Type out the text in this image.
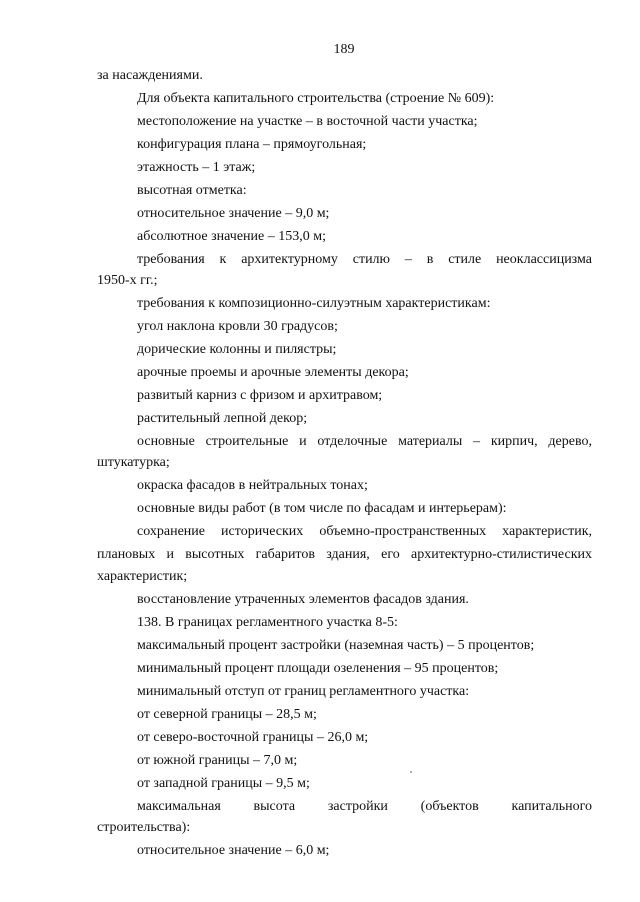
189
за насаждениями.
Для объекта капитального строительства (строение № 609):
местоположение на участке – в восточной части участка;
конфигурация плана – прямоугольная;
этажность – 1 этаж;
высотная отметка:
относительное значение – 9,0 м;
абсолютное значение – 153,0 м;
требования к архитектурному стилю – в стиле неоклассицизма
1950-х гг.;
требования к композиционно-силуэтным характеристикам:
угол наклона кровли 30 градусов;
дорические колонны и пилястры;
арочные проемы и арочные элементы декора;
развитый карниз с фризом и архитравом;
растительный лепной декор;
основные строительные и отделочные материалы – кирпич, дерево,
штукатурка;
окраска фасадов в нейтральных тонах;
основные виды работ (в том числе по фасадам и интерьерам):
сохранение исторических объемно-пространственных характеристик,
плановых и высотных габаритов здания, его архитектурно-стилистических
характеристик;
восстановление утраченных элементов фасадов здания.
138. В границах регламентного участка 8-5:
максимальный процент застройки (наземная часть) – 5 процентов;
минимальный процент площади озеленения – 95 процентов;
минимальный отступ от границ регламентного участка:
от северной границы – 28,5 м;
от северо-восточной границы – 26,0 м;
от южной границы – 7,0 м;
от западной границы – 9,5 м;
максимальная высота застройки (объектов капитального
строительства):
относительное значение – 6,0 м;
